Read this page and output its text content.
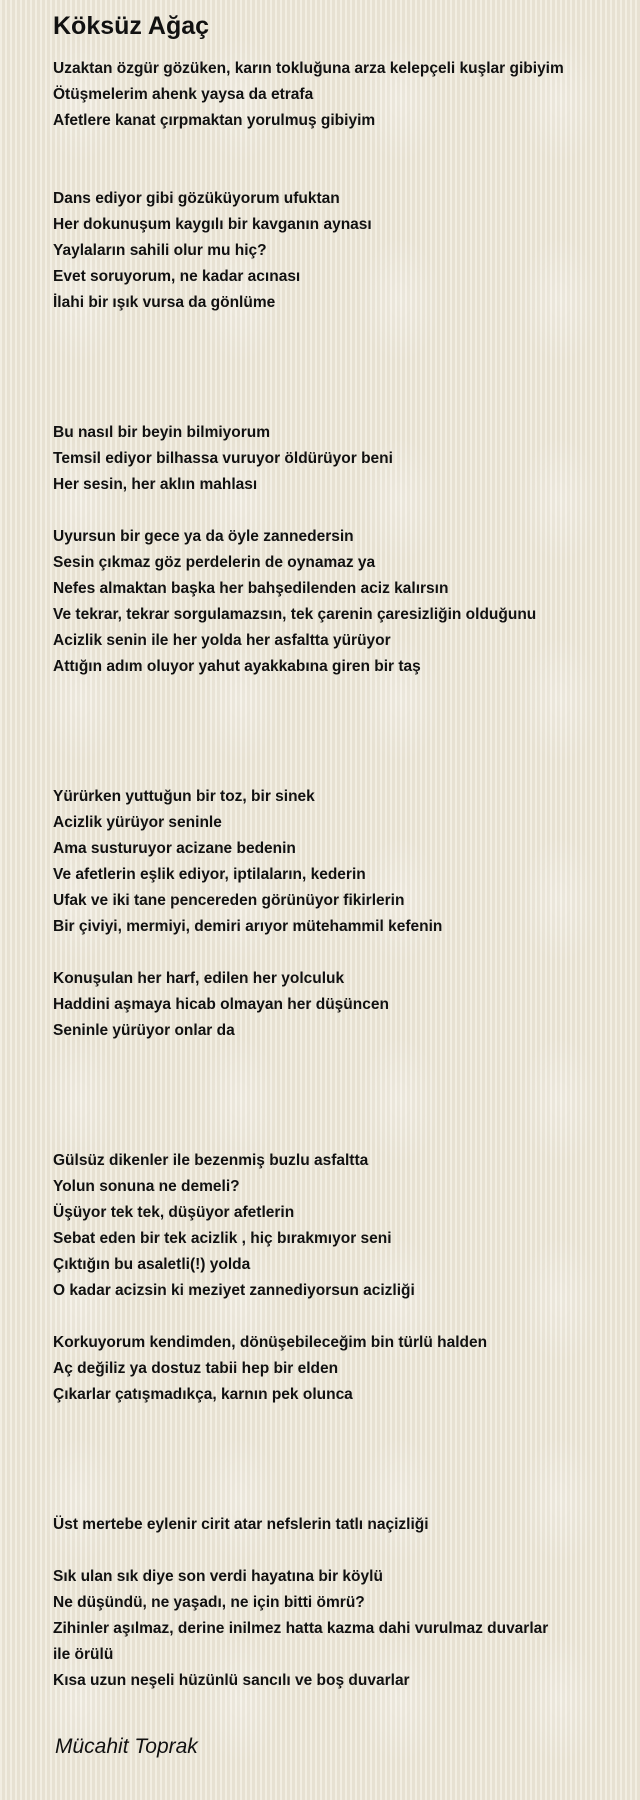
Köksüz Ağaç
Uzaktan özgür gözüken, karın tokluğuna arza kelepçeli kuşlar gibiyim
Ötüşmelerim ahenk yaysa da etrafa
Afetlere kanat çırpmaktan yorulmuş gibiyim
Dans ediyor gibi gözüküyorum ufuktan
Her dokunuşum kaygılı bir kavganın aynası
Yaylaların sahili olur mu hiç?
Evet soruyorum, ne kadar acınası
İlahi bir ışık vursa da gönlüme
Bu nasıl bir beyin bilmiyorum
Temsil ediyor bilhassa vuruyor öldürüyor beni
Her sesin, her aklın mahlası
Uyursun bir gece ya da öyle zannedersin
Sesin çıkmaz göz perdelerin de oynamaz ya
Nefes almaktan başka her bahşedilenden aciz kalırsın
Ve tekrar, tekrar sorgulamazsın, tek çarenin çaresizliğin olduğunu
Acizlik senin ile her yolda her asfaltta yürüyor
Attığın adım oluyor yahut ayakkabına giren bir taş
Yürürken yuttuğun bir toz, bir sinek
Acizlik yürüyor seninle
Ama susturuyor acizane bedenin
Ve afetlerin eşlik ediyor, iptilaların, kederin
Ufak ve iki tane pencereden görünüyor fikirlerin
Bir çiviyi, mermiyi, demiri arıyor mütehammil kefenin
Konuşulan her harf, edilen her yolculuk
Haddini aşmaya hicab olmayan her düşüncen
Seninle yürüyor onlar da
Gülsüz dikenler ile bezenmiş buzlu asfaltta
Yolun sonuna ne demeli?
Üşüyor tek tek, düşüyor afetlerin
Sebat eden bir tek acizlik , hiç bırakmıyor seni
Çıktığın bu asaletli(!) yolda
O kadar acizsin ki meziyet zannediyorsun acizliği
Korkuyorum kendimden, dönüşebileceğim bin türlü halden
Aç değiliz ya dostuz tabii hep bir elden
Çıkarlar çatışmadıkça, karnın pek olunca
Üst mertebe eylenir cirit atar nefslerin tatlı naçizliği
Sık ulan sık diye son verdi hayatına bir köylü
Ne düşündü, ne yaşadı, ne için bitti ömrü?
Zihinler aşılmaz, derine inilmez hatta kazma dahi vurulmaz duvarlar
ile örülü
Kısa uzun neşeli hüzünlü sancılı ve boş duvarlar
Mücahit Toprak
